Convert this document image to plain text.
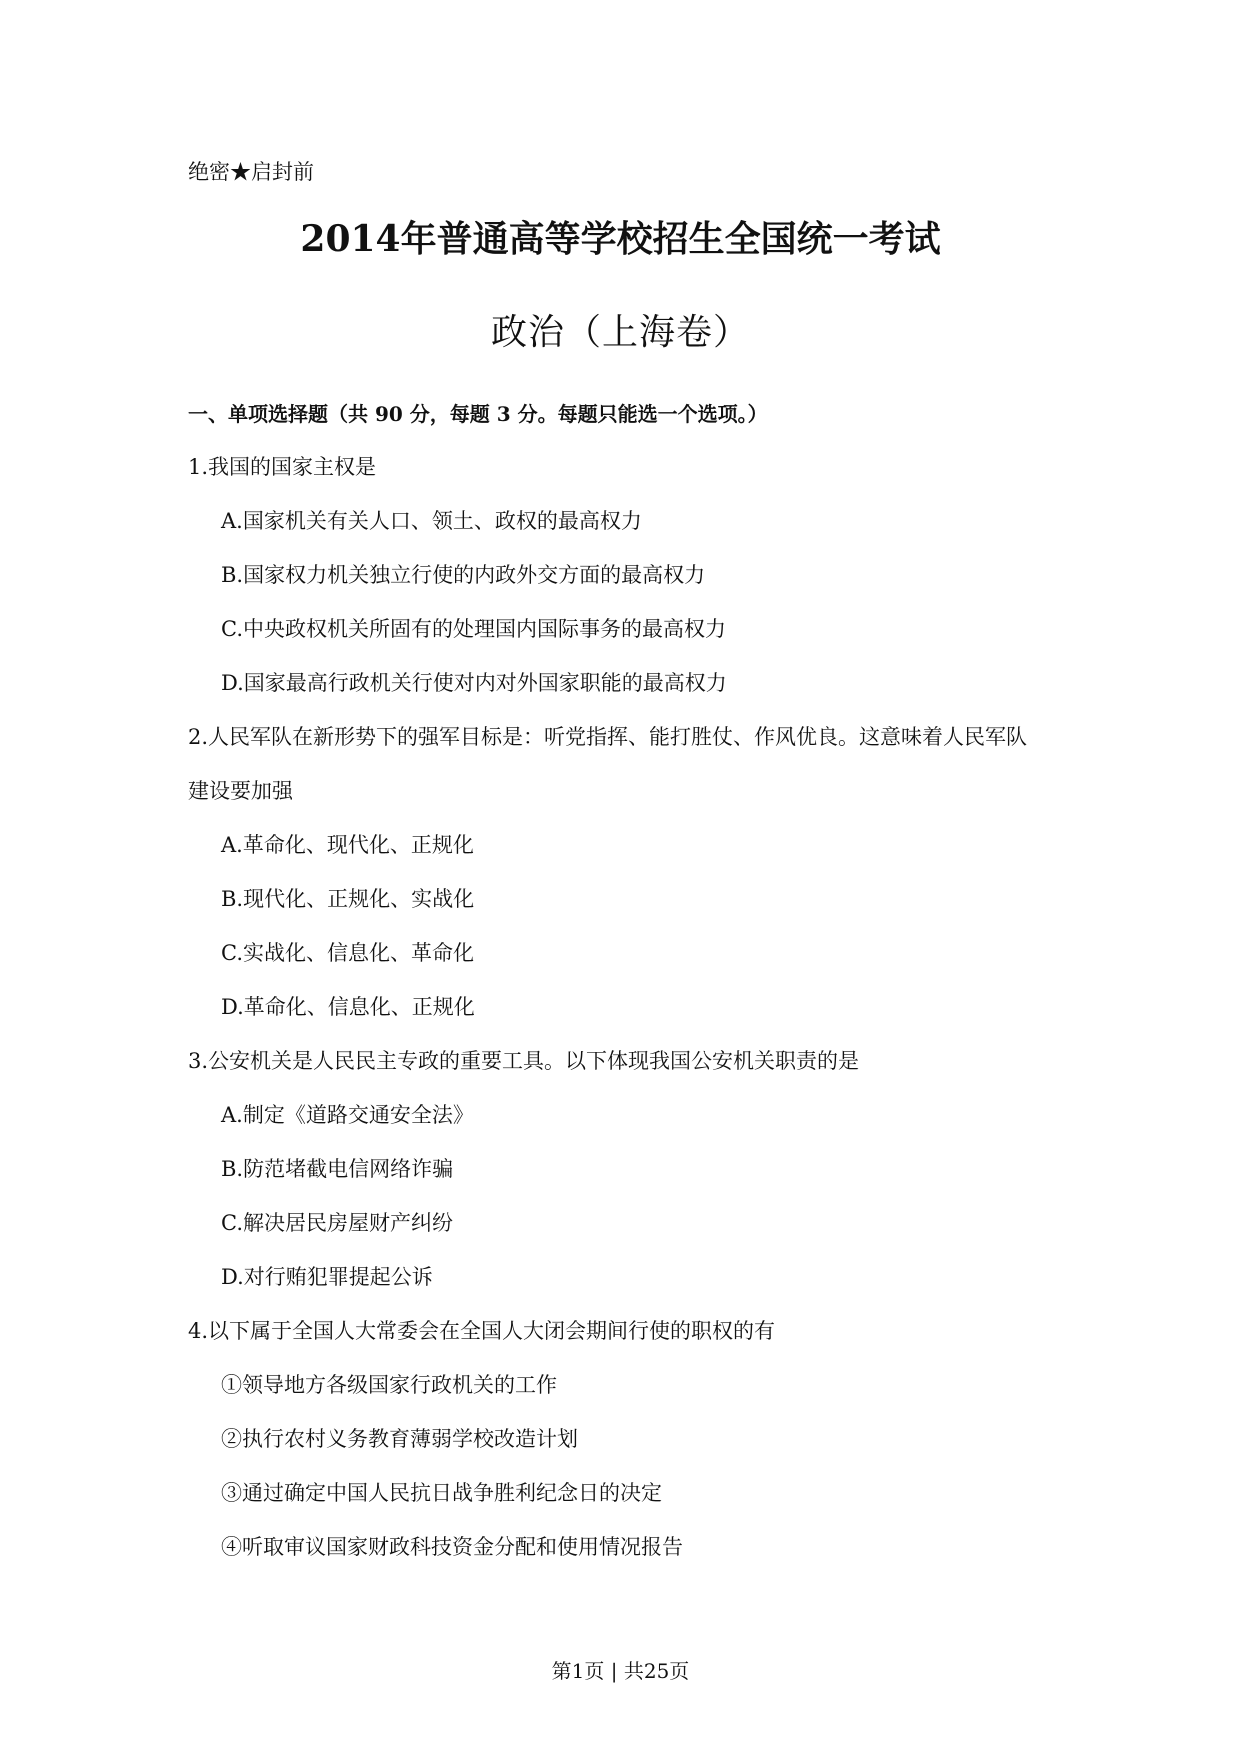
绝密★启封前
2014年普通高等学校招生全国统一考试
政治（上海卷）
一、单项选择题（共 90 分，每题 3 分。每题只能选一个选项。）
1.我国的国家主权是
A.国家机关有关人口、领土、政权的最高权力
B.国家权力机关独立行使的内政外交方面的最高权力
C.中央政权机关所固有的处理国内国际事务的最高权力
D.国家最高行政机关行使对内对外国家职能的最高权力
2.人民军队在新形势下的强军目标是：听党指挥、能打胜仗、作风优良。这意味着人民军队
建设要加强
A.革命化、现代化、正规化
B.现代化、正规化、实战化
C.实战化、信息化、革命化
D.革命化、信息化、正规化
3.公安机关是人民民主专政的重要工具。以下体现我国公安机关职责的是
A.制定《道路交通安全法》
B.防范堵截电信网络诈骗
C.解决居民房屋财产纠纷
D.对行贿犯罪提起公诉
4.以下属于全国人大常委会在全国人大闭会期间行使的职权的有
①领导地方各级国家行政机关的工作
②执行农村义务教育薄弱学校改造计划
③通过确定中国人民抗日战争胜利纪念日的决定
④听取审议国家财政科技资金分配和使用情况报告
第1页 | 共25页
